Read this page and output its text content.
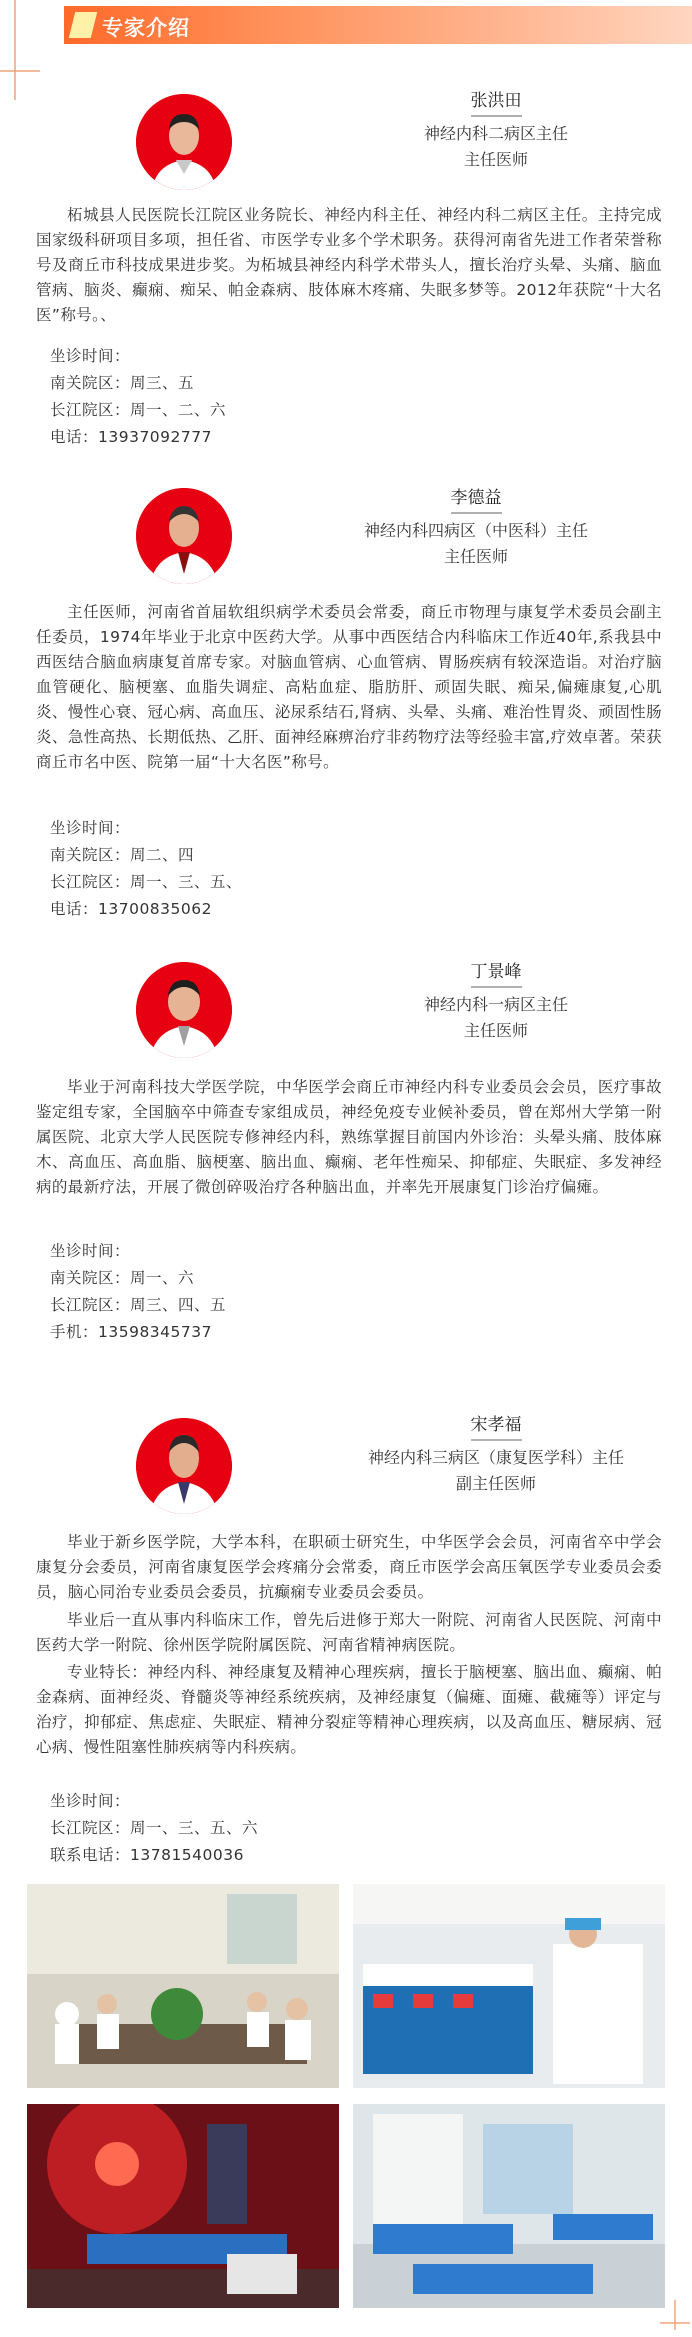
专家介绍
张洪田
神经内科二病区主任
主任医师
柘城县人民医院长江院区业务院长、神经内科主任、神经内科二病区主任。主持完成国家级科研项目多项，担任省、市医学专业多个学术职务。获得河南省先进工作者荣誉称号及商丘市科技成果进步奖。为柘城县神经内科学术带头人，擅长治疗头晕、头痛、脑血管病、脑炎、癫痫、痴呆、帕金森病、肢体麻木疼痛、失眠多梦等。2012年获院“十大名医”称号。、
坐诊时间：
南关院区：周三、五
长江院区：周一、二、六
电话：13937092777
李德益
神经内科四病区（中医科）主任
主任医师
主任医师，河南省首届软组织病学术委员会常委，商丘市物理与康复学术委员会副主任委员，1974年毕业于北京中医药大学。从事中西医结合内科临床工作近40年,系我县中西医结合脑血病康复首席专家。对脑血管病、心血管病、胃肠疾病有较深造诣。对治疗脑血管硬化、脑梗塞、血脂失调症、高粘血症、脂肪肝、顽固失眠、痴呆,偏瘫康复,心肌炎、慢性心衰、冠心病、高血压、泌尿系结石,肾病、头晕、头痛、难治性胃炎、顽固性肠炎、急性高热、长期低热、乙肝、面神经麻痹治疗非药物疗法等经验丰富,疗效卓著。荣获商丘市名中医、院第一届“十大名医”称号。
坐诊时间：
南关院区：周二、四
长江院区：周一、三、五、
电话：13700835062
丁景峰
神经内科一病区主任
主任医师
毕业于河南科技大学医学院，中华医学会商丘市神经内科专业委员会会员，医疗事故鉴定组专家，全国脑卒中筛查专家组成员，神经免疫专业候补委员，曾在郑州大学第一附属医院、北京大学人民医院专修神经内科，熟练掌握目前国内外诊治：头晕头痛、肢体麻木、高血压、高血脂、脑梗塞、脑出血、癫痫、老年性痴呆、抑郁症、失眠症、多发神经病的最新疗法，开展了微创碎吸治疗各种脑出血，并率先开展康复门诊治疗偏瘫。
坐诊时间：
南关院区：周一、六
长江院区：周三、四、五
手机：13598345737
宋孝福
神经内科三病区（康复医学科）主任
副主任医师
毕业于新乡医学院，大学本科，在职硕士研究生，中华医学会会员，河南省卒中学会康复分会委员，河南省康复医学会疼痛分会常委，商丘市医学会高压氧医学专业委员会委员，脑心同治专业委员会委员，抗癫痫专业委员会委员。
毕业后一直从事内科临床工作，曾先后进修于郑大一附院、河南省人民医院、河南中医药大学一附院、徐州医学院附属医院、河南省精神病医院。
专业特长：神经内科、神经康复及精神心理疾病，擅长于脑梗塞、脑出血、癫痫、帕金森病、面神经炎、脊髓炎等神经系统疾病，及神经康复（偏瘫、面瘫、截瘫等）评定与治疗，抑郁症、焦虑症、失眠症、精神分裂症等精神心理疾病，以及高血压、糖尿病、冠心病、慢性阻塞性肺疾病等内科疾病。
坐诊时间：
长江院区：周一、三、五、六
联系电话：13781540036
